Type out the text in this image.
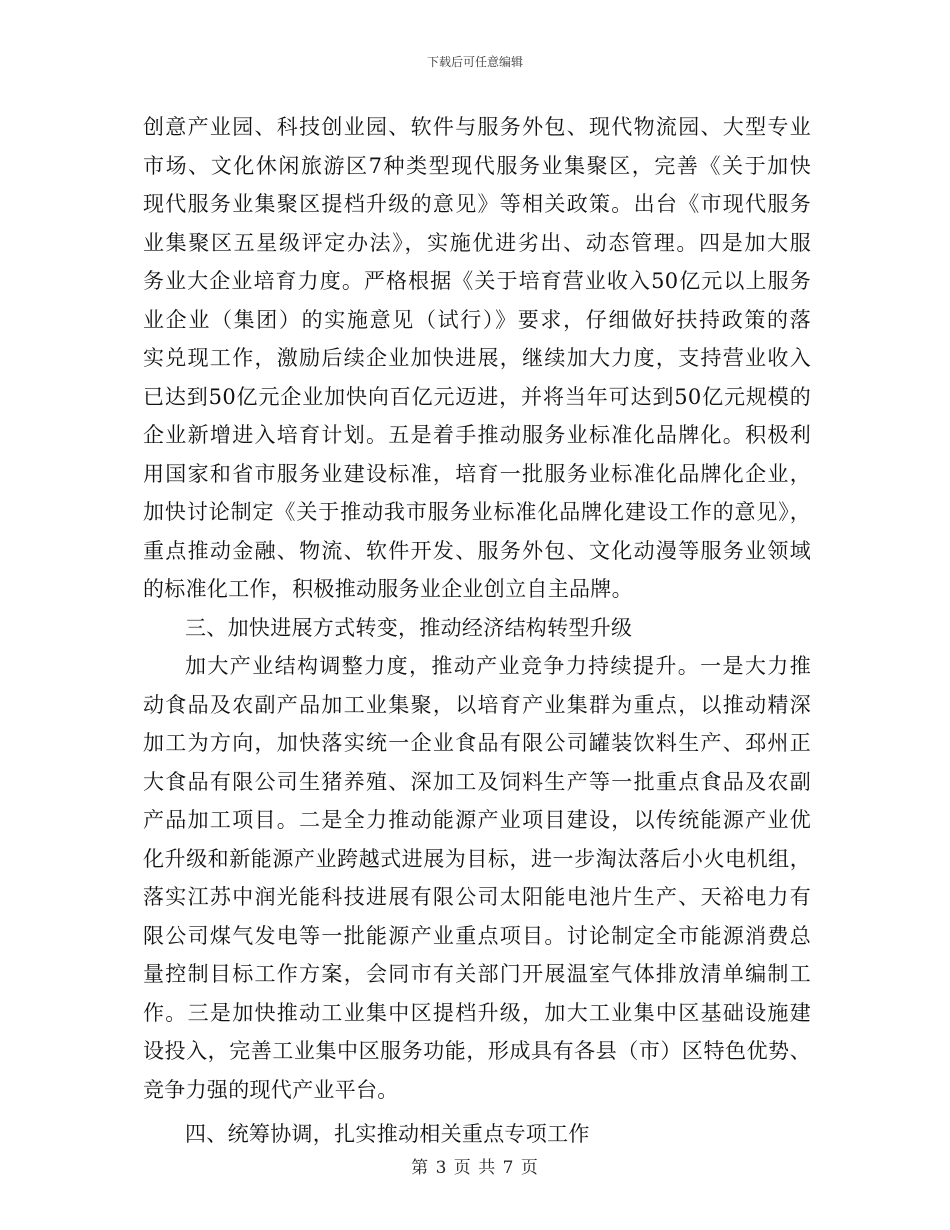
下载后可任意编辑
创意产业园、科技创业园、软件与服务外包、现代物流园、大型专业
市场、文化休闲旅游区7种类型现代服务业集聚区，完善《关于加快
现代服务业集聚区提档升级的意见》等相关政策。出台《市现代服务
业集聚区五星级评定办法》，实施优进劣出、动态管理。四是加大服
务业大企业培育力度。严格根据《关于培育营业收入50亿元以上服务
业企业（集团）的实施意见（试行）》要求，仔细做好扶持政策的落
实兑现工作，激励后续企业加快进展，继续加大力度，支持营业收入
已达到50亿元企业加快向百亿元迈进，并将当年可达到50亿元规模的
企业新增进入培育计划。五是着手推动服务业标准化品牌化。积极利
用国家和省市服务业建设标准，培育一批服务业标准化品牌化企业，
加快讨论制定《关于推动我市服务业标准化品牌化建设工作的意见》，
重点推动金融、物流、软件开发、服务外包、文化动漫等服务业领域
的标准化工作，积极推动服务业企业创立自主品牌。
三、加快进展方式转变，推动经济结构转型升级
加大产业结构调整力度，推动产业竞争力持续提升。一是大力推
动食品及农副产品加工业集聚，以培育产业集群为重点，以推动精深
加工为方向，加快落实统一企业食品有限公司罐装饮料生产、邳州正
大食品有限公司生猪养殖、深加工及饲料生产等一批重点食品及农副
产品加工项目。二是全力推动能源产业项目建设，以传统能源产业优
化升级和新能源产业跨越式进展为目标，进一步淘汰落后小火电机组，
落实江苏中润光能科技进展有限公司太阳能电池片生产、天裕电力有
限公司煤气发电等一批能源产业重点项目。讨论制定全市能源消费总
量控制目标工作方案，会同市有关部门开展温室气体排放清单编制工
作。三是加快推动工业集中区提档升级，加大工业集中区基础设施建
设投入，完善工业集中区服务功能，形成具有各县（市）区特色优势、
竞争力强的现代产业平台。
四、统筹协调，扎实推动相关重点专项工作
第 3 页 共 7 页
